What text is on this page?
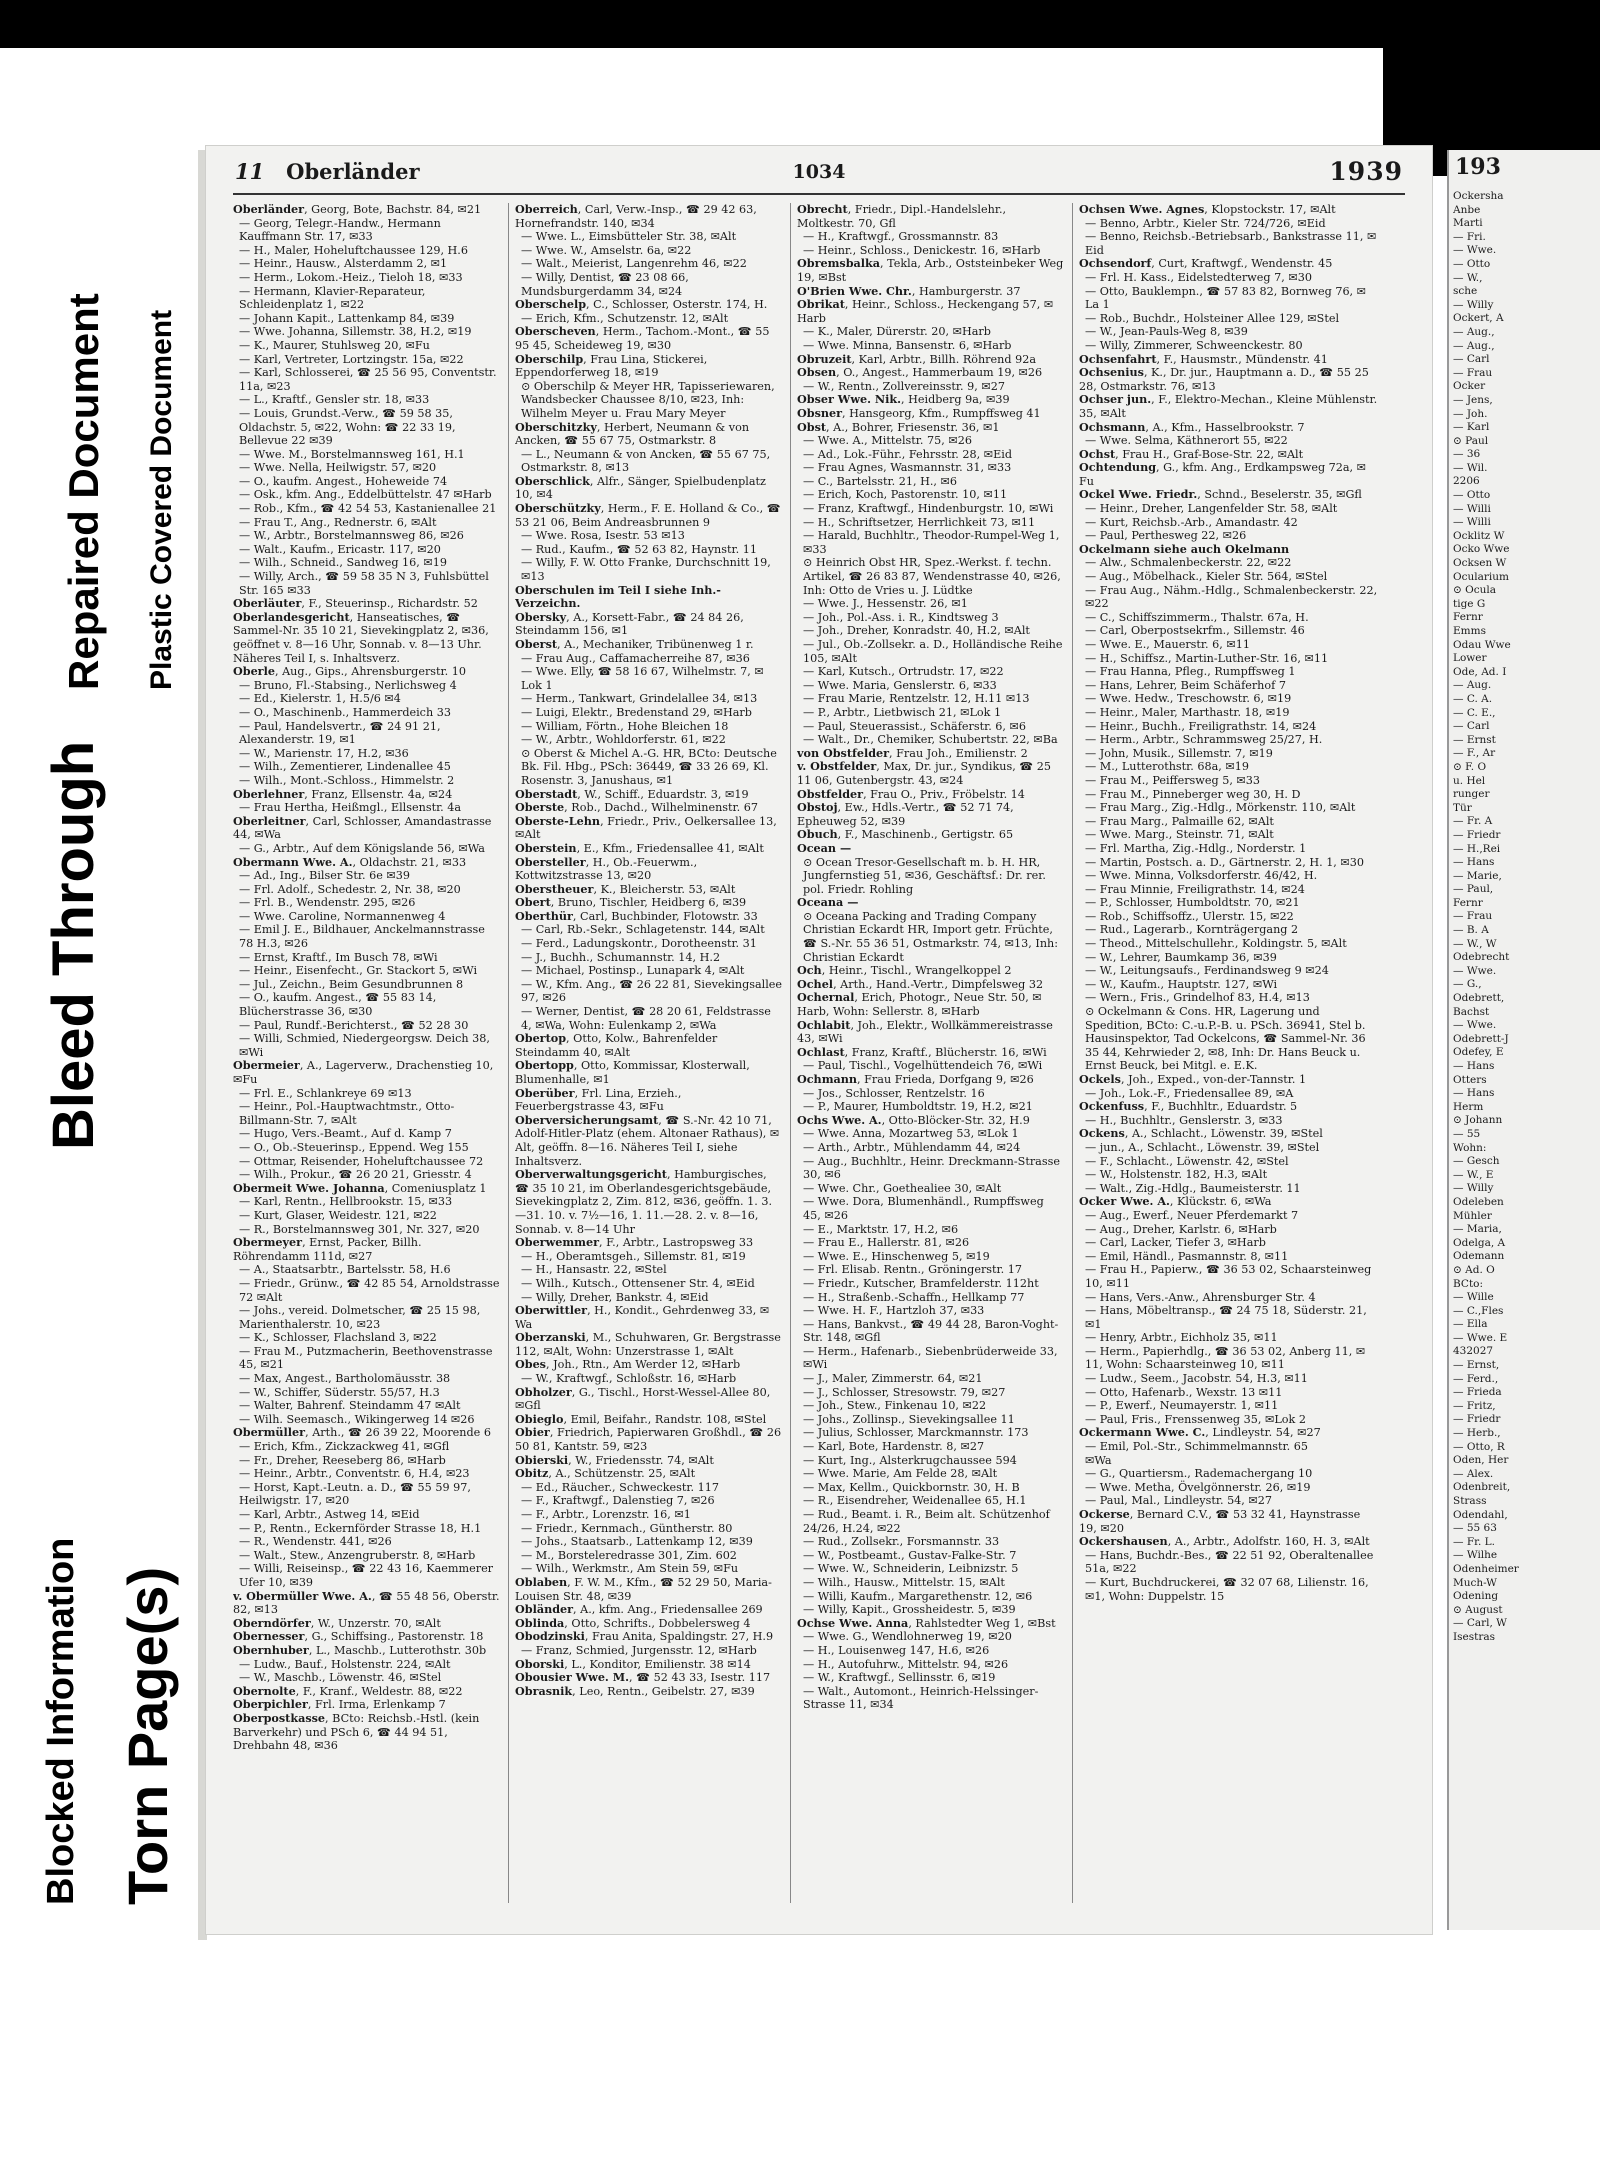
Bleed Through
Repaired Document Plastic Covered Document
Blocked Information Torn Page(s)
11 Oberländer	1034	1939
Oberländer, Georg, Bote, Bachstr. 84, ✉21
— Georg, Telegr.-Handw., Hermann Kauffmann Str. 17, ✉33
— H., Maler, Hoheluftchaussee 129, H.6
— Heinr., Hausw., Alsterdamm 2, ✉1
— Herm., Lokom.-Heiz., Tieloh 18, ✉33
— Hermann, Klavier-Reparateur, Schleidenplatz 1, ✉22
— Johann Kapit., Lattenkamp 84, ✉39
— Wwe. Johanna, Sillemstr. 38, H.2, ✉19
— K., Maurer, Stuhlsweg 20, ✉Fu
— Karl, Vertreter, Lortzingstr. 15a, ✉22
— Karl, Schlosserei, ☎ 25 56 95, Conventstr. 11a, ✉23
— L., Kraftf., Gensler str. 18, ✉33
— Louis, Grundst.-Verw., ☎ 59 58 35, Oldachstr. 5, ✉22, Wohn: ☎ 22 33 19, Bellevue 22 ✉39
— Wwe. M., Borstelmannsweg 161, H.1
— Wwe. Nella, Heilwigstr. 57, ✉20
— O., kaufm. Angest., Hoheweide 74
— Osk., kfm. Ang., Eddelbüttelstr. 47 ✉Harb
— Rob., Kfm., ☎ 42 54 53, Kastanienallee 21
— Frau T., Ang., Rednerstr. 6, ✉Alt
— W., Arbtr., Borstelmannsweg 86, ✉26
— Walt., Kaufm., Ericastr. 117, ✉20
— Wilh., Schneid., Sandweg 16, ✉19
— Willy, Arch., ☎ 59 58 35 N 3, Fuhlsbüttel Str. 165 ✉33
Oberläuter, F., Steuerinsp., Richardstr. 52
Oberlandesgericht, Hanseatisches, ☎ Sammel-Nr. 35 10 21, Sievekingplatz 2, ✉36, geöffnet v. 8—16 Uhr, Sonnab. v. 8—13 Uhr. Näheres Teil I, s. Inhaltsverz.
Oberle, Aug., Gips., Ahrensburgerstr. 10
— Bruno, Fl.-Stabsing., Nerlichsweg 4
— Ed., Kielerstr. 1, H.5/6 ✉4
— O., Maschinenb., Hammerdeich 33
— Paul, Handelsvertr., ☎ 24 91 21, Alexanderstr. 19, ✉1
— W., Marienstr. 17, H.2, ✉36
— Wilh., Zementierer, Lindenallee 45
— Wilh., Mont.-Schloss., Himmelstr. 2
Oberlehner, Franz, Ellsenstr. 4a, ✉24
— Frau Hertha, Heißmgl., Ellsenstr. 4a
Oberleitner, Carl, Schlosser, Amandastrasse 44, ✉Wa
— G., Arbtr., Auf dem Königslande 56, ✉Wa
Obermann Wwe. A., Oldachstr. 21, ✉33
— Ad., Ing., Bilser Str. 6e ✉39
— Frl. Adolf., Schedestr. 2, Nr. 38, ✉20
— Frl. B., Wendenstr. 295, ✉26
— Wwe. Caroline, Normannenweg 4
— Emil J. E., Bildhauer, Anckelmannstrasse 78 H.3, ✉26
— Ernst, Kraftf., Im Busch 78, ✉Wi
— Heinr., Eisenfecht., Gr. Stackort 5, ✉Wi
— Jul., Zeichn., Beim Gesundbrunnen 8
— O., kaufm. Angest., ☎ 55 83 14, Blücherstrasse 36, ✉30
— Paul, Rundf.-Berichterst., ☎ 52 28 30
— Willi, Schmied, Niedergeorgsw. Deich 38, ✉Wi
Obermeier, A., Lagerverw., Drachenstieg 10, ✉Fu
— Frl. E., Schlankreye 69 ✉13
— Heinr., Pol.-Hauptwachtmstr., Otto-Billmann-Str. 7, ✉Alt
— Hugo, Vers.-Beamt., Auf d. Kamp 7
— O., Ob.-Steuerinsp., Eppend. Weg 155
— Ottmar, Reisender, Hoheluftchaussee 72
— Wilh., Prokur., ☎ 26 20 21, Griesstr. 4
Obermeit Wwe. Johanna, Comeniusplatz 1
— Karl, Rentn., Hellbrookstr. 15, ✉33
— Kurt, Glaser, Weidestr. 121, ✉22
— R., Borstelmannsweg 301, Nr. 327, ✉20
Obermeyer, Ernst, Packer, Billh. Röhrendamm 111d, ✉27
— A., Staatsarbtr., Bartelsstr. 58, H.6
— Friedr., Grünw., ☎ 42 85 54, Arnoldstrasse 72 ✉Alt
— Johs., vereid. Dolmetscher, ☎ 25 15 98, Marienthalerstr. 10, ✉23
— K., Schlosser, Flachsland 3, ✉22
— Frau M., Putzmacherin, Beethovenstrasse 45, ✉21
— Max, Angest., Bartholomäusstr. 38
— W., Schiffer, Süderstr. 55/57, H.3
— Walter, Bahrenf. Steindamm 47 ✉Alt
— Wilh. Seemasch., Wikingerweg 14 ✉26
Obermüller, Arth., ☎ 26 39 22, Moorende 6
— Erich, Kfm., Zickzackweg 41, ✉Gfl
— Fr., Dreher, Reeseberg 86, ✉Harb
— Heinr., Arbtr., Conventstr. 6, H.4, ✉23
— Horst, Kapt.-Leutn. a. D., ☎ 55 59 97, Heilwigstr. 17, ✉20
— Karl, Arbtr., Astweg 14, ✉Eid
— P., Rentn., Eckernförder Strasse 18, H.1
— R., Wendenstr. 441, ✉26
— Walt., Stew., Anzengruberstr. 8, ✉Harb
— Willi, Reiseinsp., ☎ 22 43 16, Kaemmerer Ufer 10, ✉39
v. Obermüller Wwe. A., ☎ 55 48 56, Oberstr. 82, ✉13
Oberndörfer, W., Unzerstr. 70, ✉Alt
Obernesser, G., Schiffsing., Pastorenstr. 18
Obernhuber, L., Maschb., Lutterothstr. 30b
— Ludw., Bauf., Holstenstr. 224, ✉Alt
— W., Maschb., Löwenstr. 46, ✉Stel
Obernolte, F., Kranf., Weldestr. 88, ✉22
Oberpichler, Frl. Irma, Erlenkamp 7
Oberpostkasse, BCto: Reichsb.-Hstl. (kein Barverkehr) und PSch 6, ☎ 44 94 51, Drehbahn 48, ✉36
Oberreich, Carl, Verw.-Insp., ☎ 29 42 63, Hornefrandstr. 140, ✉34
— Wwe. L., Eimsbütteler Str. 38, ✉Alt
— Wwe. W., Amselstr. 6a, ✉22
— Walt., Meierist, Langenrehm 46, ✉22
— Willy, Dentist, ☎ 23 08 66, Mundsburgerdamm 34, ✉24
Oberschelp, C., Schlosser, Osterstr. 174, H.
— Erich, Kfm., Schutzenstr. 12, ✉Alt
Oberscheven, Herm., Tachom.-Mont., ☎ 55 95 45, Scheideweg 19, ✉30
Oberschilp, Frau Lina, Stickerei, Eppendorferweg 18, ✉19
⊙ Oberschilp & Meyer HR, Tapisseriewaren, Wandsbecker Chaussee 8/10, ✉23, Inh: Wilhelm Meyer u. Frau Mary Meyer
Oberschitzky, Herbert, Neumann & von Ancken, ☎ 55 67 75, Ostmarkstr. 8
— L., Neumann & von Ancken, ☎ 55 67 75, Ostmarkstr. 8, ✉13
Oberschlick, Alfr., Sänger, Spielbudenplatz 10, ✉4
Oberschützky, Herm., F. E. Holland & Co., ☎ 53 21 06, Beim Andreasbrunnen 9
— Wwe. Rosa, Isestr. 53 ✉13
— Rud., Kaufm., ☎ 52 63 82, Haynstr. 11
— Willy, F. W. Otto Franke, Durchschnitt 19, ✉13
Oberschulen im Teil I siehe Inh.-Verzeichn.
Obersky, A., Korsett-Fabr., ☎ 24 84 26, Steindamm 156, ✉1
Oberst, A., Mechaniker, Tribünenweg 1 r.
— Frau Aug., Caffamacherreihe 87, ✉36
— Wwe. Elly, ☎ 58 16 67, Wilhelmstr. 7, ✉Lok 1
— Herm., Tankwart, Grindelallee 34, ✉13
— Luigi, Elektr., Bredenstand 29, ✉Harb
— William, Förtn., Hohe Bleichen 18
— W., Arbtr., Wohldorferstr. 61, ✉22
⊙ Oberst & Michel A.-G. HR, BCto: Deutsche Bk. Fil. Hbg., PSch: 36449, ☎ 33 26 69, Kl. Rosenstr. 3, Janushaus, ✉1
Oberstadt, W., Schiff., Eduardstr. 3, ✉19
Oberste, Rob., Dachd., Wilhelminenstr. 67
Oberste-Lehn, Friedr., Priv., Oelkersallee 13, ✉Alt
Oberstein, E., Kfm., Friedensallee 41, ✉Alt
Obersteller, H., Ob.-Feuerwm., Kottwitzstrasse 13, ✉20
Oberstheuer, K., Bleicherstr. 53, ✉Alt
Obert, Bruno, Tischler, Heidberg 6, ✉39
Oberthür, Carl, Buchbinder, Flotowstr. 33
— Carl, Rb.-Sekr., Schlagetenstr. 144, ✉Alt
— Ferd., Ladungskontr., Dorotheenstr. 31
— J., Buchh., Schumannstr. 14, H.2
— Michael, Postinsp., Lunapark 4, ✉Alt
— W., Kfm. Ang., ☎ 26 22 81, Sievekingsallee 97, ✉26
— Werner, Dentist, ☎ 28 20 61, Feldstrasse 4, ✉Wa, Wohn: Eulenkamp 2, ✉Wa
Obertop, Otto, Kolw., Bahrenfelder Steindamm 40, ✉Alt
Obertopp, Otto, Kommissar, Klosterwall, Blumenhalle, ✉1
Oberüber, Frl. Lina, Erzieh., Feuerbergstrasse 43, ✉Fu
Oberversicherungsamt, ☎ S.-Nr. 42 10 71, Adolf-Hitler-Platz (ehem. Altonaer Rathaus), ✉Alt, geöffn. 8—16. Näheres Teil I, siehe Inhaltsverz.
Oberverwaltungsgericht, Hamburgisches, ☎ 35 10 21, im Oberlandesgerichtsgebäude, Sievekingplatz 2, Zim. 812, ✉36, geöffn. 1. 3.—31. 10. v. 7½—16, 1. 11.—28. 2. v. 8—16, Sonnab. v. 8—14 Uhr
Oberwemmer, F., Arbtr., Lastropsweg 33
— H., Oberamtsgeh., Sillemstr. 81, ✉19
— H., Hansastr. 22, ✉Stel
— Wilh., Kutsch., Ottensener Str. 4, ✉Eid
— Willy, Dreher, Bankstr. 4, ✉Eid
Oberwittler, H., Kondit., Gehrdenweg 33, ✉Wa
Oberzanski, M., Schuhwaren, Gr. Bergstrasse 112, ✉Alt, Wohn: Unzerstrasse 1, ✉Alt
Obes, Joh., Rtn., Am Werder 12, ✉Harb
— W., Kraftwgf., Schloßstr. 16, ✉Harb
Obholzer, G., Tischl., Horst-Wessel-Allee 80, ✉Gfl
Obieglo, Emil, Beifahr., Randstr. 108, ✉Stel
Obier, Friedrich, Papierwaren Großhdl., ☎ 26 50 81, Kantstr. 59, ✉23
Obierski, W., Friedensstr. 74, ✉Alt
Obitz, A., Schützenstr. 25, ✉Alt
— Ed., Räucher., Schweckestr. 117
— F., Kraftwgf., Dalenstieg 7, ✉26
— F., Arbtr., Lorenzstr. 16, ✉1
— Friedr., Kernmach., Güntherstr. 80
— Johs., Staatsarb., Lattenkamp 12, ✉39
— M., Borsteleredrasse 301, Zim. 602
— Wilh., Werkmstr., Am Stein 59, ✉Fu
Oblaben, F. W. M., Kfm., ☎ 52 29 50, Maria-Louisen Str. 48, ✉39
Obländer, A., kfm. Ang., Friedensallee 269
Oblinda, Otto, Schrifts., Dobbelersweg 4
Obodzinski, Frau Anita, Spaldingstr. 27, H.9
— Franz, Schmied, Jurgensstr. 12, ✉Harb
Oborski, L., Konditor, Emilienstr. 38 ✉14
Obousier Wwe. M., ☎ 52 43 33, Isestr. 117
Obrasnik, Leo, Rentn., Geibelstr. 27, ✉39
Obrecht, Friedr., Dipl.-Handelslehr., Moltkestr. 70, Gfl
— H., Kraftwgf., Grossmannstr. 83
— Heinr., Schloss., Denickestr. 16, ✉Harb
Obremsbalka, Tekla, Arb., Oststeinbeker Weg 19, ✉Bst
O'Brien Wwe. Chr., Hamburgerstr. 37
Obrikat, Heinr., Schloss., Heckengang 57, ✉Harb
— K., Maler, Dürerstr. 20, ✉Harb
— Wwe. Minna, Bansenstr. 6, ✉Harb
Obruzeit, Karl, Arbtr., Billh. Röhrend 92a
Obsen, O., Angest., Hammerbaum 19, ✉26
— W., Rentn., Zollvereinsstr. 9, ✉27
Obser Wwe. Nik., Heidberg 9a, ✉39
Obsner, Hansgeorg, Kfm., Rumpffsweg 41
Obst, A., Bohrer, Friesenstr. 36, ✉1
— Wwe. A., Mittelstr. 75, ✉26
— Ad., Lok.-Führ., Fehrsstr. 28, ✉Eid
— Frau Agnes, Wasmannstr. 31, ✉33
— C., Bartelsstr. 21, H., ✉6
— Erich, Koch, Pastorenstr. 10, ✉11
— Franz, Kraftwgf., Hindenburgstr. 10, ✉Wi
— H., Schriftsetzer, Herrlichkeit 73, ✉11
— Harald, Buchhltr., Theodor-Rumpel-Weg 1, ✉33
⊙ Heinrich Obst HR, Spez.-Werkst. f. techn. Artikel, ☎ 26 83 87, Wendenstrasse 40, ✉26, Inh: Otto de Vries u. J. Lüdtke
— Wwe. J., Hessenstr. 26, ✉1
— Joh., Pol.-Ass. i. R., Kindtsweg 3
— Joh., Dreher, Konradstr. 40, H.2, ✉Alt
— Jul., Ob.-Zollsekr. a. D., Holländische Reihe 105, ✉Alt
— Karl, Kutsch., Ortrudstr. 17, ✉22
— Wwe. Maria, Genslerstr. 6, ✉33
— Frau Marie, Rentzelstr. 12, H.11 ✉13
— P., Arbtr., Lietbwisch 21, ✉Lok 1
— Paul, Steuerassist., Schäferstr. 6, ✉6
— Walt., Dr., Chemiker, Schubertstr. 22, ✉Ba
von Obstfelder, Frau Joh., Emilienstr. 2
v. Obstfelder, Max, Dr. jur., Syndikus, ☎ 25 11 06, Gutenbergstr. 43, ✉24
Obstfelder, Frau O., Priv., Fröbelstr. 14
Obstoj, Ew., Hdls.-Vertr., ☎ 52 71 74, Epheuweg 52, ✉39
Obuch, F., Maschinenb., Gertigstr. 65
Ocean —
⊙ Ocean Tresor-Gesellschaft m. b. H. HR, Jungfernstieg 51, ✉36, Geschäftsf.: Dr. rer. pol. Friedr. Rohling
Oceana —
⊙ Oceana Packing and Trading Company Christian Eckardt HR, Import getr. Früchte, ☎ S.-Nr. 55 36 51, Ostmarkstr. 74, ✉13, Inh: Christian Eckardt
Och, Heinr., Tischl., Wrangelkoppel 2
Ochel, Arth., Hand.-Vertr., Dimpfelsweg 32
Ochernal, Erich, Photogr., Neue Str. 50, ✉Harb, Wohn: Sellerstr. 8, ✉Harb
Ochlabit, Joh., Elektr., Wollkämmereistrasse 43, ✉Wi
Ochlast, Franz, Kraftf., Blücherstr. 16, ✉Wi
— Paul, Tischl., Vogelhüttendeich 76, ✉Wi
Ochmann, Frau Frieda, Dorfgang 9, ✉26
— Jos., Schlosser, Rentzelstr. 16
— P., Maurer, Humboldtstr. 19, H.2, ✉21
Ochs Wwe. A., Otto-Blöcker-Str. 32, H.9
— Wwe. Anna, Mozartweg 53, ✉Lok 1
— Arth., Arbtr., Mühlendamm 44, ✉24
— Aug., Buchhltr., Heinr. Dreckmann-Strasse 30, ✉6
— Wwe. Chr., Goethealiee 30, ✉Alt
— Wwe. Dora, Blumenhändl., Rumpffsweg 45, ✉26
— E., Marktstr. 17, H.2, ✉6
— Frau E., Hallerstr. 81, ✉26
— Wwe. E., Hinschenweg 5, ✉19
— Frl. Elisab. Rentn., Gröningerstr. 17
— Friedr., Kutscher, Bramfelderstr. 112ht
— H., Straßenb.-Schaffn., Hellkamp 77
— Wwe. H. F., Hartzloh 37, ✉33
— Hans, Bankvst., ☎ 49 44 28, Baron-Voght-Str. 148, ✉Gfl
— Herm., Hafenarb., Siebenbrüderweide 33, ✉Wi
— J., Maler, Zimmerstr. 64, ✉21
— J., Schlosser, Stresowstr. 79, ✉27
— Joh., Stew., Finkenau 10, ✉22
— Johs., Zollinsp., Sievekingsallee 11
— Julius, Schlosser, Marckmannstr. 173
— Karl, Bote, Hardenstr. 8, ✉27
— Kurt, Ing., Alsterkrugchaussee 594
— Wwe. Marie, Am Felde 28, ✉Alt
— Max, Kellm., Quickbornstr. 30, H. B
— R., Eisendreher, Weidenallee 65, H.1
— Rud., Beamt. i. R., Beim alt. Schützenhof 24/26, H.24, ✉22
— Rud., Zollsekr., Forsmannstr. 33
— W., Postbeamt., Gustav-Falke-Str. 7
— Wwe. W., Schneiderin, Leibnizstr. 5
— Wilh., Hausw., Mittelstr. 15, ✉Alt
— Willi, Kaufm., Margarethenstr. 12, ✉6
— Willy, Kapit., Grossheidestr. 5, ✉39
Ochse Wwe. Anna, Rahlstedter Weg 1, ✉Bst
— Wwe. G., Wendlohnerweg 19, ✉20
— H., Louisenweg 147, H.6, ✉26
— H., Autofuhrw., Mittelstr. 94, ✉26
— W., Kraftwgf., Sellinsstr. 6, ✉19
— Walt., Automont., Heinrich-Helssinger-Strasse 11, ✉34
Ochsen Wwe. Agnes, Klopstockstr. 17, ✉Alt
— Benno, Arbtr., Kieler Str. 724/726, ✉Eid
— Benno, Reichsb.-Betriebsarb., Bankstrasse 11, ✉Eid
Ochsendorf, Curt, Kraftwgf., Wendenstr. 45
— Frl. H. Kass., Eidelstedterweg 7, ✉30
— Otto, Bauklempn., ☎ 57 83 82, Bornweg 76, ✉La 1
— Rob., Buchdr., Holsteiner Allee 129, ✉Stel
— W., Jean-Pauls-Weg 8, ✉39
— Willy, Zimmerer, Schweenckestr. 80
Ochsenfahrt, F., Hausmstr., Mündenstr. 41
Ochsenius, K., Dr. jur., Hauptmann a. D., ☎ 55 25 28, Ostmarkstr. 76, ✉13
Ochser jun., F., Elektro-Mechan., Kleine Mühlenstr. 35, ✉Alt
Ochsmann, A., Kfm., Hasselbrookstr. 7
— Wwe. Selma, Käthnerort 55, ✉22
Ochst, Frau H., Graf-Bose-Str. 22, ✉Alt
Ochtendung, G., kfm. Ang., Erdkampsweg 72a, ✉Fu
Ockel Wwe. Friedr., Schnd., Beselerstr. 35, ✉Gfl
— Heinr., Dreher, Langenfelder Str. 58, ✉Alt
— Kurt, Reichsb.-Arb., Amandastr. 42
— Paul, Perthesweg 22, ✉26
Ockelmann siehe auch Okelmann
— Alw., Schmalenbeckerstr. 22, ✉22
— Aug., Möbelhack., Kieler Str. 564, ✉Stel
— Frau Aug., Nähm.-Hdlg., Schmalenbeckerstr. 22, ✉22
— C., Schiffszimmerm., Thalstr. 67a, H.
— Carl, Oberpostsekrfm., Sillemstr. 46
— Wwe. E., Mauerstr. 6, ✉11
— H., Schiffsz., Martin-Luther-Str. 16, ✉11
— Frau Hanna, Pfleg., Rumpffsweg 1
— Hans, Lehrer, Beim Schäferhof 7
— Wwe. Hedw., Treschowstr. 6, ✉19
— Heinr., Maler, Marthastr. 18, ✉19
— Heinr., Buchh., Freiligrathstr. 14, ✉24
— Herm., Arbtr., Schrammsweg 25/27, H.
— John, Musik., Sillemstr. 7, ✉19
— M., Lutterothstr. 68a, ✉19
— Frau M., Peiffersweg 5, ✉33
— Frau M., Pinneberger weg 30, H. D
— Frau Marg., Zig.-Hdlg., Mörkenstr. 110, ✉Alt
— Frau Marg., Palmaille 62, ✉Alt
— Wwe. Marg., Steinstr. 71, ✉Alt
— Frl. Martha, Zig.-Hdlg., Norderstr. 1
— Martin, Postsch. a. D., Gärtnerstr. 2, H. 1, ✉30
— Wwe. Minna, Volksdorferstr. 46/42, H.
— Frau Minnie, Freiligrathstr. 14, ✉24
— P., Schlosser, Humboldtstr. 70, ✉21
— Rob., Schiffsoffz., Ulerstr. 15, ✉22
— Rud., Lagerarb., Kornträgergang 2
— Theod., Mittelschullehr., Koldingstr. 5, ✉Alt
— W., Lehrer, Baumkamp 36, ✉39
— W., Leitungsaufs., Ferdinandsweg 9 ✉24
— W., Kaufm., Hauptstr. 127, ✉Wi
— Wern., Fris., Grindelhof 83, H.4, ✉13
⊙ Ockelmann & Cons. HR, Lagerung und Spedition, BCto: C.-u.P.-B. u. PSch. 36941, Stel b. Hausinspektor, Tad Ockelcons, ☎ Sammel-Nr. 36 35 44, Kehrwieder 2, ✉8, Inh: Dr. Hans Beuck u. Ernst Beuck, bei Mitgl. e. E.K.
Ockels, Joh., Exped., von-der-Tannstr. 1
— Joh., Lok.-F., Friedensallee 89, ✉A
Ockenfuss, F., Buchhltr., Eduardstr. 5
— H., Buchhltr., Genslerstr. 3, ✉33
Ockens, A., Schlacht., Löwenstr. 39, ✉Stel
— jun., A., Schlacht., Löwenstr. 39, ✉Stel
— F., Schlacht., Löwenstr. 42, ✉Stel
— W., Holstenstr. 182, H.3, ✉Alt
— Walt., Zig.-Hdlg., Baumeisterstr. 11
Ocker Wwe. A., Klückstr. 6, ✉Wa
— Aug., Ewerf., Neuer Pferdemarkt 7
— Aug., Dreher, Karlstr. 6, ✉Harb
— Carl, Lacker, Tiefer 3, ✉Harb
— Emil, Händl., Pasmannstr. 8, ✉11
— Frau H., Papierw., ☎ 36 53 02, Schaarsteinweg 10, ✉11
— Hans, Vers.-Anw., Ahrensburger Str. 4
— Hans, Möbeltransp., ☎ 24 75 18, Süderstr. 21, ✉1
— Henry, Arbtr., Eichholz 35, ✉11
— Herm., Papierhdlg., ☎ 36 53 02, Anberg 11, ✉11, Wohn: Schaarsteinweg 10, ✉11
— Ludw., Seem., Jacobstr. 54, H.3, ✉11
— Otto, Hafenarb., Wexstr. 13 ✉11
— P., Ewerf., Neumayerstr. 1, ✉11
— Paul, Fris., Frenssenweg 35, ✉Lok 2
Ockermann Wwe. C., Lindleystr. 54, ✉27
— Emil, Pol.-Str., Schimmelmannstr. 65
✉Wa
— G., Quartiersm., Rademachergang 10
— Wwe. Metha, Övelgönnerstr. 26, ✉19
— Paul, Mal., Lindleystr. 54, ✉27
Ockerse, Bernard C.V., ☎ 53 32 41, Haynstrasse 19, ✉20
Ockershausen, A., Arbtr., Adolfstr. 160, H. 3, ✉Alt
— Hans, Buchdr.-Bes., ☎ 22 51 92, Oberaltenallee 51a, ✉22
— Kurt, Buchdruckerei, ☎ 32 07 68, Lilienstr. 16, ✉1, Wohn: Duppelstr. 15
193
Ockersha
Anbe
Marti
— Fri.
— Wwe.
— Otto
— W.,
sche
— Willy
Ockert, A
— Aug.,
— Aug.,
— Carl
— Frau
Ocker
— Jens,
— Joh.
— Karl
⊙ Paul
— 36
— Wil.
2206
— Otto
— Willi
— Willi
Ocklitz W
Ocko Wwe
Ocksen W
Ocularium
⊙ Ocula
tige G
Fernr
Emms
Odau Wwe
Lower
Ode, Ad. I
— Aug.
— C. A.
— C. E.,
— Carl
— Ernst
— F., Ar
⊙ F. O
u. Hel
runger
Tür
— Fr. A
— Friedr
— H.,Rei
— Hans
— Marie,
— Paul,
Fernr
— Frau
— B. A
— W., W
Odebrecht
— Wwe.
— G.,
Odebrett,
Bachst
— Wwe.
Odebrett-J
Odefey, E
— Hans
Otters
— Hans
Herm
⊙ Johann
— 55
Wohn:
— Gesch
— W., E
— Willy
Odeleben
Mühler
— Maria,
Odelga, A
Odemann
⊙ Ad. O
BCto:
— Wille
— C.,Fles
— Ella
— Wwe. E
432027
— Ernst,
— Ferd.,
— Frieda
— Fritz,
— Friedr
— Herb.,
— Otto, R
Oden, Her
— Alex.
Odenbreit,
Strass
Odendahl,
— 55 63
— Fr. L.
— Wilhe
Odenheimer
Much-W
Odening
⊙ August
— Carl, W
Isestras
